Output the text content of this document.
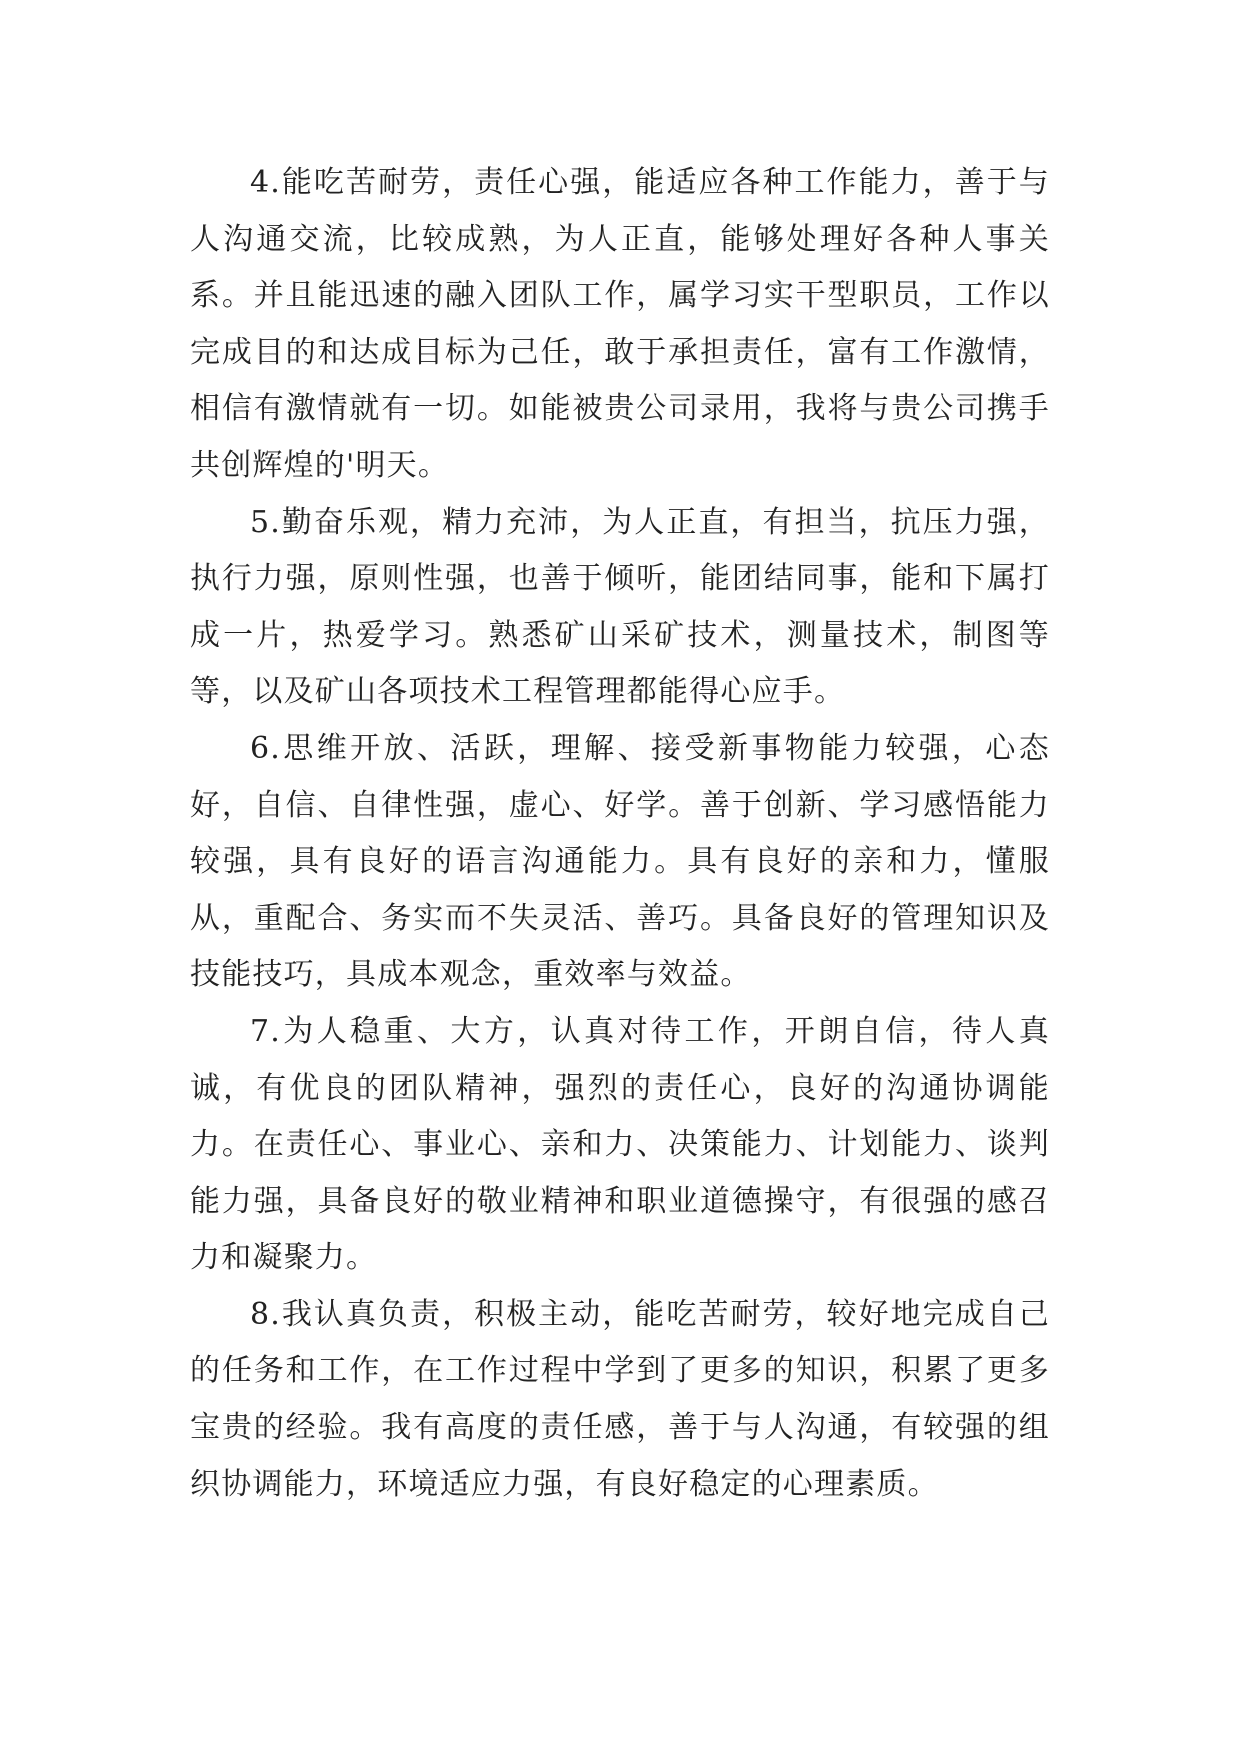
4.能吃苦耐劳，责任心强，能适应各种工作能力，善于与人沟通交流，比较成熟，为人正直，能够处理好各种人事关系。并且能迅速的融入团队工作，属学习实干型职员，工作以完成目的和达成目标为己任，敢于承担责任，富有工作激情，相信有激情就有一切。如能被贵公司录用，我将与贵公司携手共创辉煌的'明天。

5.勤奋乐观，精力充沛，为人正直，有担当，抗压力强，执行力强，原则性强，也善于倾听，能团结同事，能和下属打成一片，热爱学习。熟悉矿山采矿技术，测量技术，制图等等，以及矿山各项技术工程管理都能得心应手。

6.思维开放、活跃，理解、接受新事物能力较强，心态好，自信、自律性强，虚心、好学。善于创新、学习感悟能力较强，具有良好的语言沟通能力。具有良好的亲和力，懂服从，重配合、务实而不失灵活、善巧。具备良好的管理知识及技能技巧，具成本观念，重效率与效益。

7.为人稳重、大方，认真对待工作，开朗自信，待人真诚，有优良的团队精神，强烈的责任心，良好的沟通协调能力。在责任心、事业心、亲和力、决策能力、计划能力、谈判能力强，具备良好的敬业精神和职业道德操守，有很强的感召力和凝聚力。

8.我认真负责，积极主动，能吃苦耐劳，较好地完成自己的任务和工作，在工作过程中学到了更多的知识，积累了更多宝贵的经验。我有高度的责任感，善于与人沟通，有较强的组织协调能力，环境适应力强，有良好稳定的心理素质。
